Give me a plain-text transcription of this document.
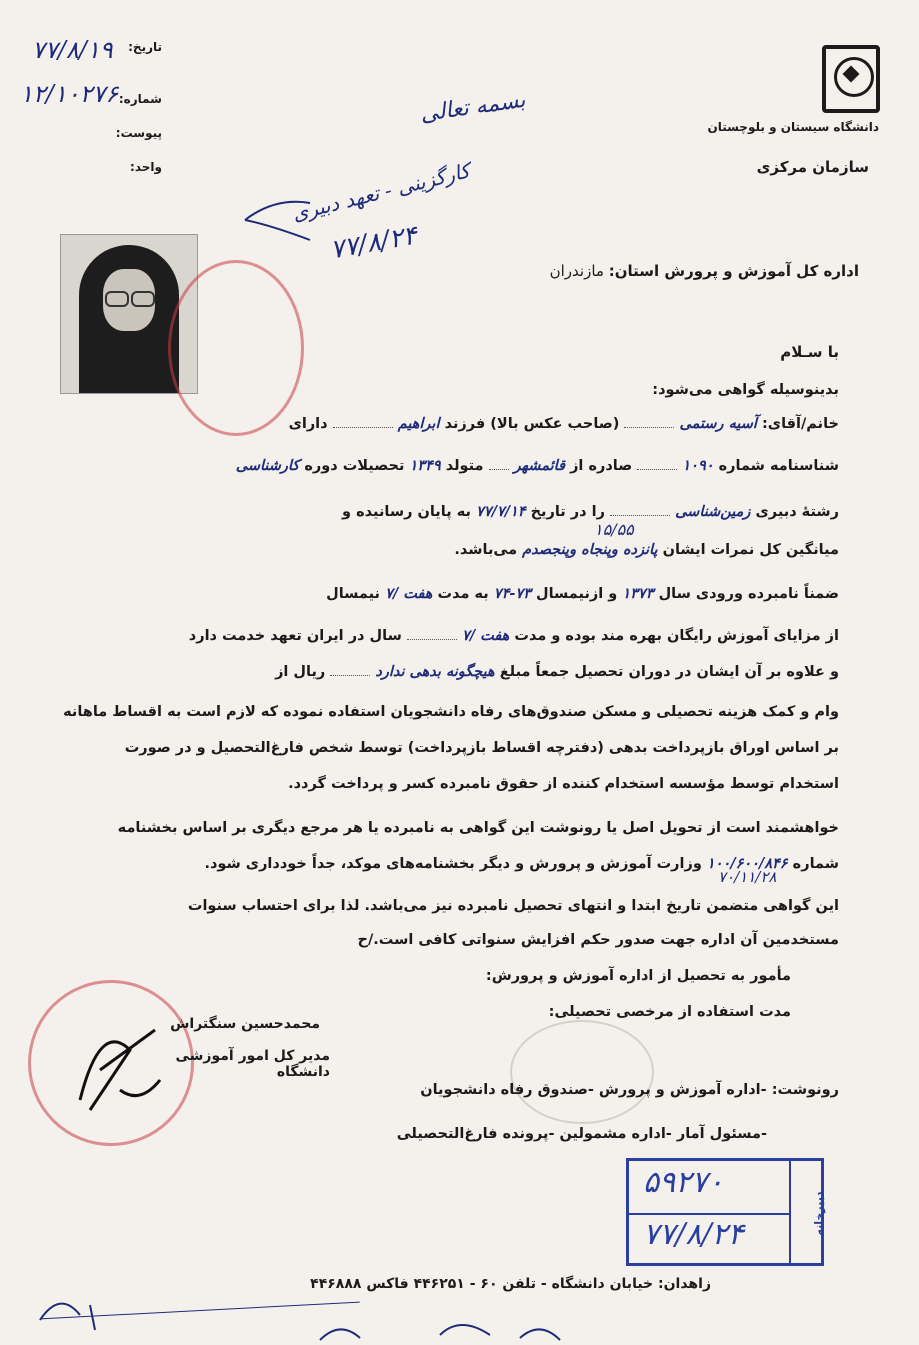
تاریخ:
۷۷/۸/۱۹
شماره:
۱۲/۱۰۲۷۶
پیوست:
واحد:
بسمه تعالی	دانشگاه سیستان و بلوچستان
سازمان مرکزی
کارگزینی - تعهد دبیری
۷۷/۸/۲۴
اداره کل آموزش و پرورش استان: مازندران
با سـلام
بدینوسیله گواهی می‌شود:
خانم/آقای: آسیه رستمی  (صاحب عکس بالا) فرزند ابراهیم  دارای
شناسنامه شماره ۱۰۹۰  صادره از قائمشهر  متولد ۱۳۴۹ تحصیلات دوره کارشناسی
رشتهٔ دبیری زمین‌شناسی  را در تاریخ ۷۷/۷/۱۴ به پایان رسانیده و
۱۵/۵۵
میانگین کل نمرات ایشان پانزده وپنجاه وپنجصدم می‌باشد.
ضمناً نامبرده ورودی سال ۱۳۷۳ و ازنیمسال ۷۳-۷۴ به مدت هفت /۷ نیمسال
از مزایای آموزش رایگان بهره مند بوده و مدت هفت /۷  سال در ایران تعهد خدمت دارد
و علاوه بر آن ایشان در دوران تحصیل جمعاً مبلغ هیچگونه بدهی ندارد  ریال از
وام و کمک هزینه تحصیلی و مسکن صندوق‌های رفاه دانشجویان استفاده نموده که لازم است به اقساط ماهانه
بر اساس اوراق بازپرداخت بدهی (دفترچه اقساط بازپرداخت) توسط شخص فارغ‌التحصیل و در صورت
استخدام توسط مؤسسه استخدام کننده از حقوق نامبرده کسر و پرداخت گردد.
خواهشمند است از تحویل اصل یا رونوشت این گواهی به نامبرده یا هر مرجع دیگری بر اساس بخشنامه
شماره ۱۰۰/۶۰۰/۸۴۶ وزارت آموزش و پرورش و دیگر بخشنامه‌های موکد، جداً خودداری شود.
۷۰/۱۱/۲۸
این گواهی متضمن تاریخ ابتدا و انتهای تحصیل نامبرده نیز می‌باشد. لذا برای احتساب سنوات
مستخدمین آن اداره جهت صدور حکم افزایش سنواتی کافی است./ح
مأمور به تحصیل از اداره آموزش و پرورش:
مدت استفاده از مرخصی تحصیلی:
محمدحسین سنگتراش
مدیر کل امور آموزشی دانشگاه
رونوشت: -اداره آموزش و پرورش -صندوق رفاه دانشجویان
-مسئول آمار -اداره مشمولین -پرونده فارغ‌التحصیلی
۵۹۲۷۰
۷۷/۸/۲۴	دبیرخانه
زاهدان: خیابان دانشگاه - تلفن ۶۰ - ۴۴۶۲۵۱ فاکس ۴۴۶۸۸۸
